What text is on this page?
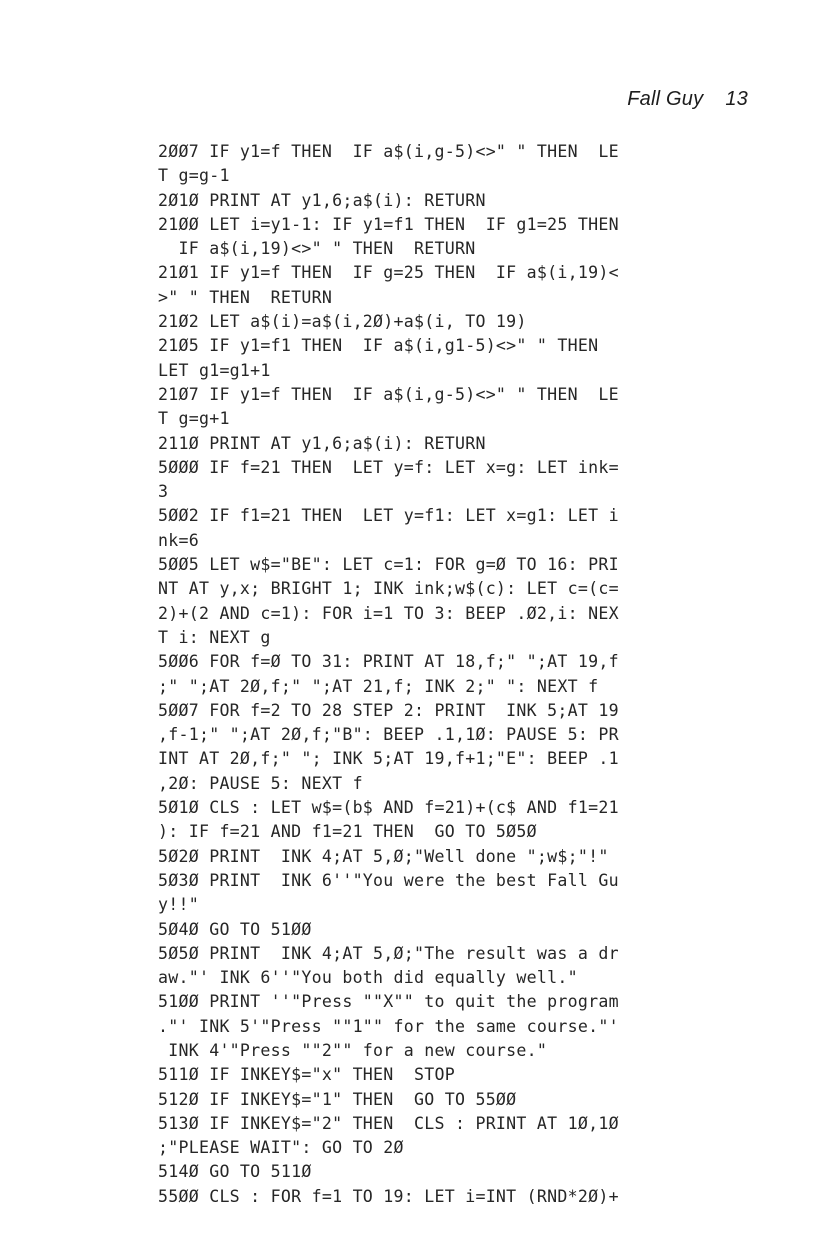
Fall Guy 13
2ØØ7 IF y1=f THEN  IF a$(i,g-5)<>" " THEN  LE
T g=g-1
2Ø1Ø PRINT AT y1,6;a$(i): RETURN
21ØØ LET i=y1-1: IF y1=f1 THEN  IF g1=25 THEN
IF a$(i,19)<>" " THEN  RETURN
21Ø1 IF y1=f THEN  IF g=25 THEN  IF a$(i,19)<
>" " THEN  RETURN
21Ø2 LET a$(i)=a$(i,2Ø)+a$(i, TO 19)
21Ø5 IF y1=f1 THEN  IF a$(i,g1-5)<>" " THEN
LET g1=g1+1
21Ø7 IF y1=f THEN  IF a$(i,g-5)<>" " THEN  LE
T g=g+1
211Ø PRINT AT y1,6;a$(i): RETURN
5ØØØ IF f=21 THEN  LET y=f: LET x=g: LET ink=
3
5ØØ2 IF f1=21 THEN  LET y=f1: LET x=g1: LET i
nk=6
5ØØ5 LET w$="BE": LET c=1: FOR g=Ø TO 16: PRI
NT AT y,x; BRIGHT 1; INK ink;w$(c): LET c=(c=
2)+(2 AND c=1): FOR i=1 TO 3: BEEP .Ø2,i: NEX
T i: NEXT g
5ØØ6 FOR f=Ø TO 31: PRINT AT 18,f;" ";AT 19,f
;" ";AT 2Ø,f;" ";AT 21,f; INK 2;" ": NEXT f
5ØØ7 FOR f=2 TO 28 STEP 2: PRINT  INK 5;AT 19
,f-1;" ";AT 2Ø,f;"B": BEEP .1,1Ø: PAUSE 5: PR
INT AT 2Ø,f;" "; INK 5;AT 19,f+1;"E": BEEP .1
,2Ø: PAUSE 5: NEXT f
5Ø1Ø CLS : LET w$=(b$ AND f=21)+(c$ AND f1=21
): IF f=21 AND f1=21 THEN  GO TO 5Ø5Ø
5Ø2Ø PRINT  INK 4;AT 5,Ø;"Well done ";w$;"!"
5Ø3Ø PRINT  INK 6''"You were the best Fall Gu
y!!"
5Ø4Ø GO TO 51ØØ
5Ø5Ø PRINT  INK 4;AT 5,Ø;"The result was a dr
aw."' INK 6''"You both did equally well."
51ØØ PRINT ''"Press ""X"" to quit the program
."' INK 5'"Press ""1"" for the same course."'
INK 4'"Press ""2"" for a new course."
511Ø IF INKEY$="x" THEN  STOP
512Ø IF INKEY$="1" THEN  GO TO 55ØØ
513Ø IF INKEY$="2" THEN  CLS : PRINT AT 1Ø,1Ø
;"PLEASE WAIT": GO TO 2Ø
514Ø GO TO 511Ø
55ØØ CLS : FOR f=1 TO 19: LET i=INT (RND*2Ø)+
